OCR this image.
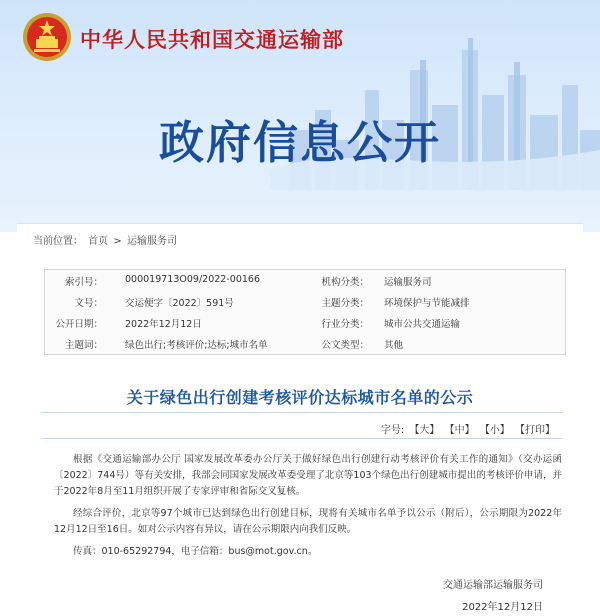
中华人民共和国交通运输部
政府信息公开
当前位置： 首页 > 运输服务司
索引号： 000019713O09/2022-00166	机构分类： 运输服务司
文号： 交运便字〔2022〕591号	主题分类： 环境保护与节能减排
公开日期： 2022年12月12日	行业分类： 城市公共交通运输
主题词： 绿色出行;考核评价;达标;城市名单	公文类型： 其他
关于绿色出行创建考核评价达标城市名单的公示
字号: 【大】 【中】 【小】 【打印】

根据《交通运输部办公厅 国家发展改革委办公厅关于做好绿色出行创建行动考核评价有关工作的通知》（交办运函〔2022〕744号）等有关安排，我部会同国家发展改革委受理了北京等103个绿色出行创建城市提出的考核评价申请，并于2022年8月至11月组织开展了专家评审和省际交叉复核。

经综合评价，北京等97个城市已达到绿色出行创建目标，现将有关城市名单予以公示（附后），公示期限为2022年12月12日至16日。如对公示内容有异议，请在公示期限内向我们反映。

传真：010-65292794，电子信箱：bus@mot.gov.cn。

交通运输部运输服务司
2022年12月12日
